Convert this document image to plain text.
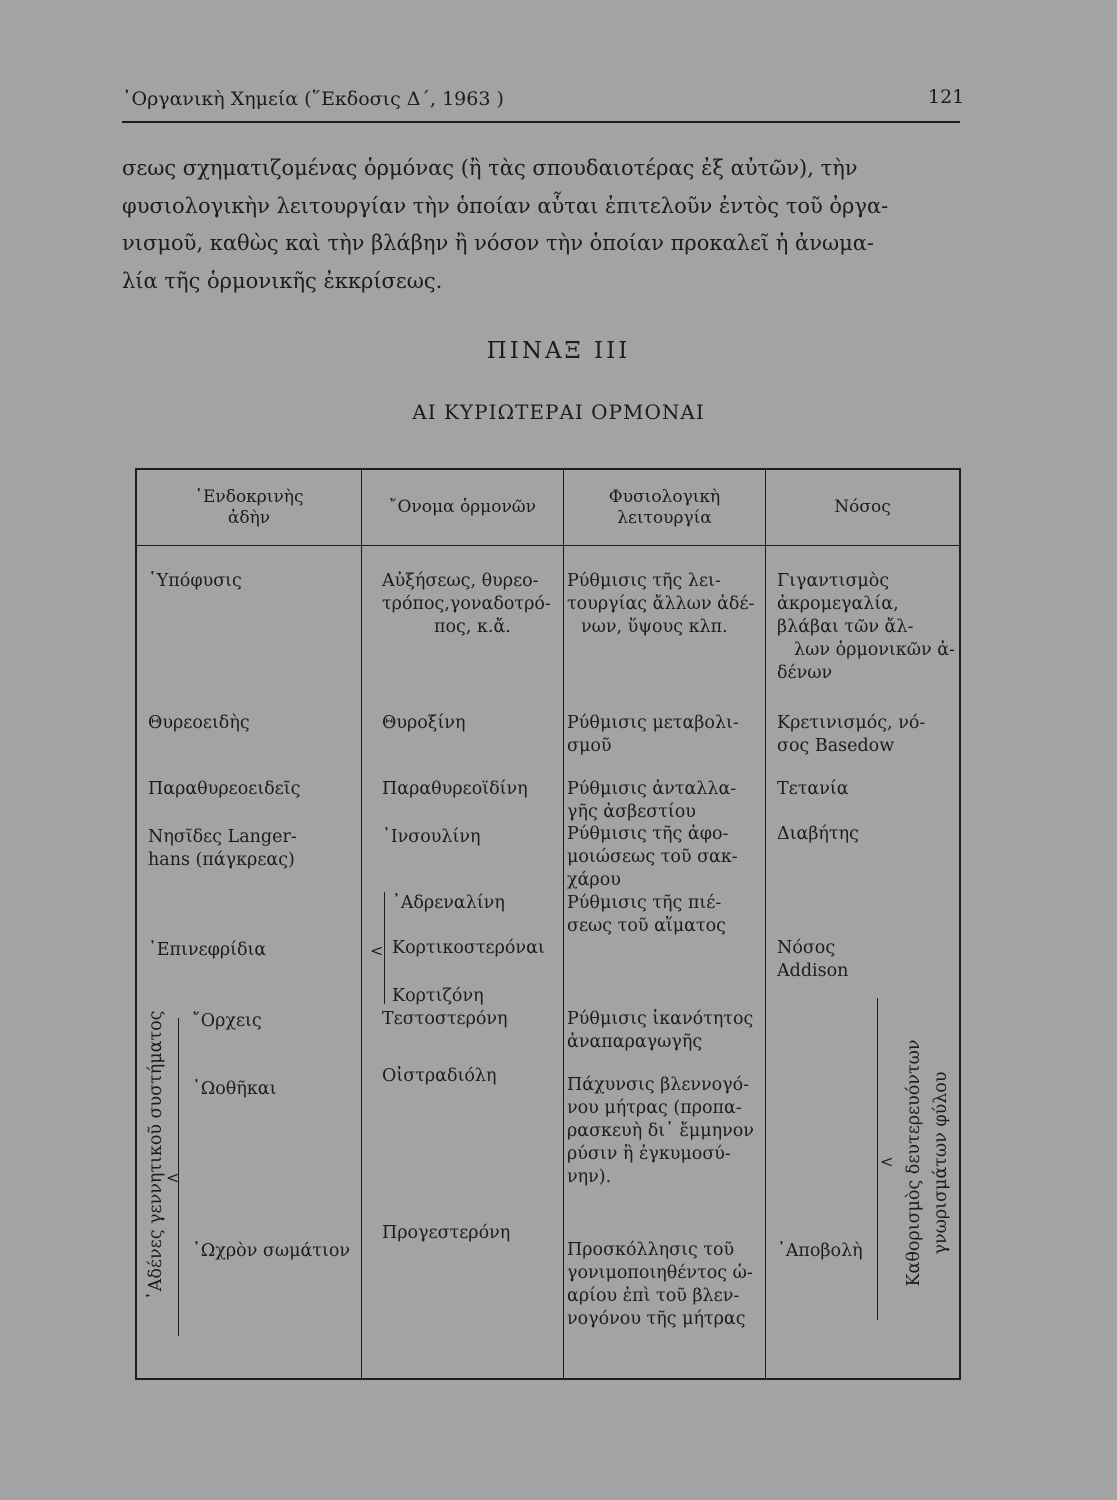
᾽Οργανικὴ Χημεία (῞Εκδοσις Δ΄, 1963 )	121
σεως σχηματιζομένας ὁρμόνας (ἢ τὰς σπουδαιοτέρας ἐξ αὐτῶν), τὴν
φυσιολογικὴν λειτουργίαν τὴν ὁποίαν αὗται ἐπιτελοῦν ἐντὸς τοῦ ὀργα-
νισμοῦ, καθὼς καὶ τὴν βλάβην ἢ νόσον τὴν ὁποίαν προκαλεῖ ἡ ἀνωμα-
λία τῆς ὁρμονικῆς ἐκκρίσεως.
ΠΙΝΑΞ ΙΙΙ
ΑΙ ΚΥΡΙΩΤΕΡΑΙ ΟΡΜΟΝΑΙ
᾽Ενδοκρινὴς
ἀδὴν
῎Ονομα ὁρμονῶν	Φυσιολογικὴ
λειτουργία
Νόσος
῾Υπόφυσις
Θυρεοειδὴς
Παραθυρεοειδεῖς
Νησῖδες Langer-
hans (πάγκρεας)
᾽Επινεφρίδια
᾽Αδένες γεννητικοῦ συστήματος <
῎Ορχεις
᾽Ωοθῆκαι
᾽Ωχρὸν σωμάτιον
Αὐξήσεως, θυρεο-
τρόπος,γοναδοτρό-
πος, κ.ἄ.
Θυροξίνη
Παραθυρεοϊδίνη
᾽Ινσουλίνη
<
᾽Αδρεναλίνη
Κορτικοστερόναι
Κορτιζόνη
Τεστοστερόνη
Οἰστραδιόλη
Προγεστερόνη
Ρύθμισις τῆς λει-
τουργίας ἄλλων ἀδέ-
νων, ὕψους κλπ.
Ρύθμισις μεταβολι-
σμοῦ
Ρύθμισις ἀνταλλα-
γῆς ἀσβεστίου
Ρύθμισις τῆς ἀφο-
μοιώσεως τοῦ σακ-
χάρου
Ρύθμισις τῆς πιέ-
σεως τοῦ αἵματος
Ρύθμισις ἱκανότητος
ἀναπαραγωγῆς
Πάχυνσις βλεννογό-
νου μήτρας (προπα-
ρασκευὴ δι᾽ ἔμμηνον
ρύσιν ἢ ἐγκυμοσύ-
νην).
Προσκόλλησις τοῦ
γονιμοποιηθέντος ὠ-
αρίου ἐπὶ τοῦ βλεν-
νογόνου τῆς μήτρας
Γιγαντισμὸς
ἀκρομεγαλία,
βλάβαι τῶν ἄλ-
λων ὁρμονικῶν ἀ-
δένων
Κρετινισμός, νό-
σος Basedow
Τετανία
Διαβήτης
Νόσος
Addison
᾽Αποβολὴ
< Καθορισμὸς δευτερευόντων γνωρισμάτων φύλου
